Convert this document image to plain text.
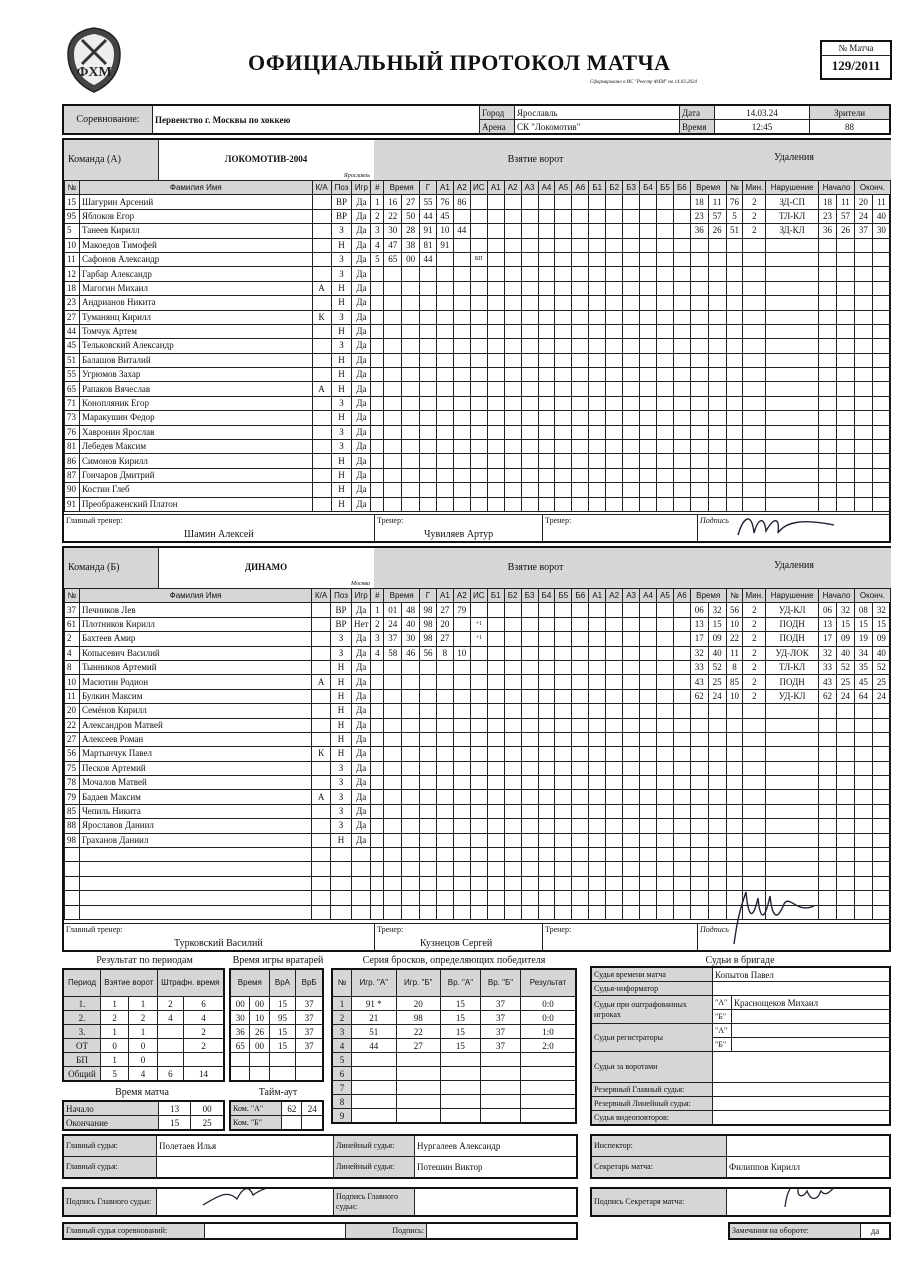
ФХМ	ОФИЦИАЛЬНЫЙ ПРОТОКОЛ МАТЧА
Сформировано в ИС "Реестр ФХМ" на 14.03.2024
№ Матча
129/2011
Соревнование:	Первенство г. Москвы по хоккею	Город	Ярославль	Дата	14.03.24	Зрители
		Арена	СК "Локомотив"	Время	12:45	88
Команда (А)	ЛОКОМОТИВ-2004
Ярославль
Взятие ворот	Удаления
№	Фамилия Имя	К/А	Поз	Игр	#	Время		Г	А1	А2	ИС	А1	А2	А3	А4	А5	А6	Б1	Б2	Б3	Б4	Б5	Б6	Время		№	Мин.	Нарушение	Начало		Оконч.	
15	Шагурин Арсений		ВР	Да	1	16	27	55	76	86														18	11	76	2	ЗД-СП	18	11	20	11
95	Яблоков Егор		ВР	Да	2	22	50	44	45															23	57	5	2	ТЛ-КЛ	23	57	24	40
5	Танеев Кирилл		З	Да	3	30	28	91	10	44														36	26	51	2	ЗД-КЛ	36	26	37	30
10	Макоедов Тимофей		Н	Да	4	47	38	81	91																							
11	Сафонов Александр		З	Да	5	65	00	44			БП																					
12	Гарбар Александр		З	Да																												
18	Магогин Михаил	А	Н	Да																												
23	Андрианов Никита		Н	Да																												
27	Туманянц Кирилл	К	З	Да																												
44	Томчук Артем		Н	Да																												
45	Тельковский Александр		З	Да																												
51	Балашов Виталий		Н	Да																												
55	Угрюмов Захар		Н	Да																												
65	Рапаков Вячеслав	А	Н	Да																												
71	Конопляник Егор		З	Да																												
73	Маракушин Федор		Н	Да																												
76	Хавронин Ярослав		З	Да																												
81	Лебедев Максим		З	Да																												
86	Симонов Кирилл		Н	Да																												
87	Гончаров Дмитрий		Н	Да																												
90	Костин Глеб		Н	Да																												
91	Преображенский Платон		Н	Да																												
Главный тренер:
Шамин Алексей
Тренер:
Чувиляев Артур
Тренер:	Подпись
Команда (Б)	ДИНАМО
Москва
Взятие ворот	Удаления
№	Фамилия Имя	К/А	Поз	Игр	#	Время		Г	А1	А2	ИС	Б1	Б2	Б3	Б4	Б5	Б6	А1	А2	А3	А4	А5	А6	Время		№	Мин.	Нарушение	Начало		Оконч.	
37	Печников Лев		ВР	Да	1	01	48	98	27	79														06	32	56	2	УД-КЛ	06	32	08	32
61	Плотников Кирилл		ВР	Нет	2	24	40	98	20		+1													13	15	10	2	ПОДН	13	15	15	15
2	Бахтеев Амир		З	Да	3	37	30	98	27		+1													17	09	22	2	ПОДН	17	09	19	09
4	Копысевич Василий		З	Да	4	58	46	56	8	10														32	40	11	2	УД-ЛОК	32	40	34	40
8	Тынников Артемий		Н	Да																				33	52	8	2	ТЛ-КЛ	33	52	35	52
10	Масютин Родион	А	Н	Да																				43	25	85	2	ПОДН	43	25	45	25
11	Булкин Максим		Н	Да																				62	24	10	2	УД-КЛ	62	24	64	24
20	Семёнов Кирилл		Н	Да																												
22	Александров Матвей		Н	Да																												
27	Алексеев Роман		Н	Да																												
56	Мартынчук Павел	К	Н	Да																												
75	Песков Артемий		З	Да																												
78	Мочалов Матвей		З	Да																												
79	Бадаев Максим	А	З	Да																												
85	Чепиль Никита		З	Да																												
88	Ярославов Даниил		З	Да																												
98	Граханов Даниил		Н	Да																												

Главный тренер:
Турковский Василий
Тренер:
Кузнецов Сергей
Тренер:	Подпись
Результат по периодам
Период	Взятие ворот		Штрафн. время	
1.	1	1	2	6
2.	2	2	4	4
3.	1	1		2
ОТ	0	0		2
БП	1	0		
Общий	5	4	6	14
Время игры вратарей
Время		ВрА	ВрБ
00	00	15	37
30	10	95	37
36	26	15	37
65	00	15	37

Время матча
Начало	13	00
Окончание	15	25
Тайм-аут
Ком. "А"	62	24
Ком. "Б"		
Серия бросков, определяющих победителя
№	Игр. "А"	Игр. "Б"	Вр. "А"	Вр. "Б"	Результат
1	91 *	20	15	37	0:0
2	21	98	15	37	0:0
3	51	22	15	37	1:0
4	44	27	15	37	2:0
5					
6					
7					
8					
9					
Судьи в бригаде
Судья времени матча	Копытов Павел	
Судья-информатор		
Судьи при оштрафованных игроках	"А"	Краснощеков Михаил
	"Б"	
Судьи регистраторы	"А"	
	"Б"	
Судьи за воротами		
Резервный Главный судья:		
Резервный Линейный судья:		
Судья видеоповторов:		
Главный судья:	Полетаев Илья	Линейный судья:	Нургалеев Александр
Главный судья:		Линейный судья:	Потешин Виктор
Инспектор:	
Секретарь матча:	Филиппов Кирилл
Подпись Главного судьи:	
	Подпись Главного судьи:	
Подпись Секретаря матча:	
Главный судья соревнований:		Подпись:		Замечания на обороте:	да
